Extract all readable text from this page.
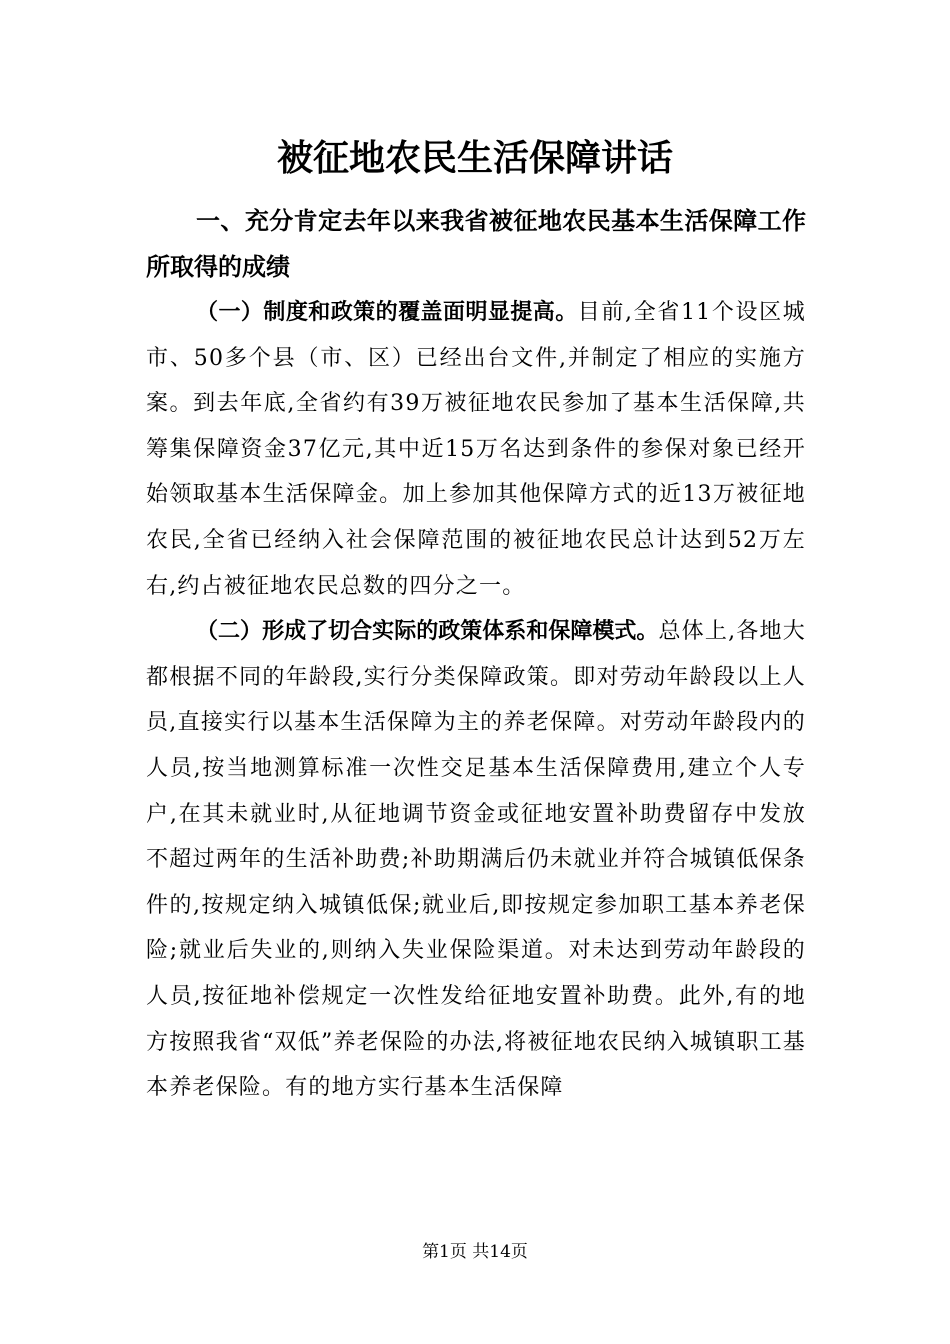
被征地农民生活保障讲话

一、充分肯定去年以来我省被征地农民基本生活保障工作所取得的成绩

（一）制度和政策的覆盖面明显提高。目前,全省11个设区城市、50多个县（市、区）已经出台文件,并制定了相应的实施方案。到去年底,全省约有39万被征地农民参加了基本生活保障,共筹集保障资金37亿元,其中近15万名达到条件的参保对象已经开始领取基本生活保障金。加上参加其他保障方式的近13万被征地农民,全省已经纳入社会保障范围的被征地农民总计达到52万左右,约占被征地农民总数的四分之一。

（二）形成了切合实际的政策体系和保障模式。总体上,各地大都根据不同的年龄段,实行分类保障政策。即对劳动年龄段以上人员,直接实行以基本生活保障为主的养老保障。对劳动年龄段内的人员,按当地测算标准一次性交足基本生活保障费用,建立个人专户,在其未就业时,从征地调节资金或征地安置补助费留存中发放不超过两年的生活补助费;补助期满后仍未就业并符合城镇低保条件的,按规定纳入城镇低保;就业后,即按规定参加职工基本养老保险;就业后失业的,则纳入失业保险渠道。对未达到劳动年龄段的人员,按征地补偿规定一次性发给征地安置补助费。此外,有的地方按照我省“双低”养老保险的办法,将被征地农民纳入城镇职工基本养老保险。有的地方实行基本生活保障

第1页 共14页
